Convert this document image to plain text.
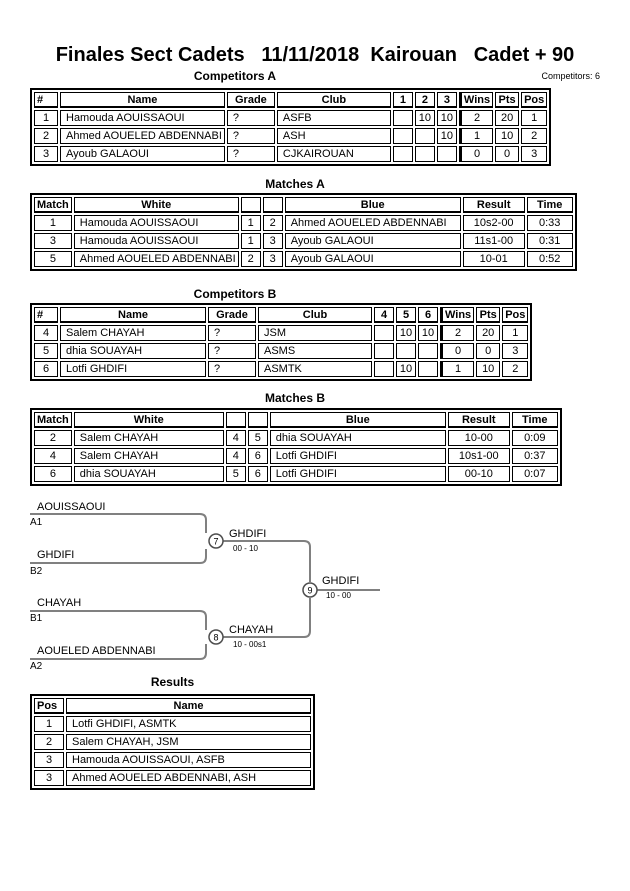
Finales Sect Cadets   11/11/2018  Kairouan   Cadet + 90
Competitors A	Competitors: 6
#	Name	Grade	Club	1	2	3	Wins	Pts	Pos
1	Hamouda AOUISSAOUI	?	ASFB		10	10	2	20	1
2	Ahmed AOUELED ABDENNABI	?	ASH			10	1	10	2
3	Ayoub GALAOUI	?	CJKAIROUAN				0	0	3
Matches A
Match	White			Blue	Result	Time
1	Hamouda AOUISSAOUI	1	2	Ahmed AOUELED ABDENNABI	10s2-00	0:33
3	Hamouda AOUISSAOUI	1	3	Ayoub GALAOUI	11s1-00	0:31
5	Ahmed AOUELED ABDENNABI	2	3	Ayoub GALAOUI	10-01	0:52
Competitors B
#	Name	Grade	Club	4	5	6	Wins	Pts	Pos
4	Salem CHAYAH	?	JSM		10	10	2	20	1
5	dhia SOUAYAH	?	ASMS				0	0	3
6	Lotfi GHDIFI	?	ASMTK		10		1	10	2
Matches B
Match	White			Blue	Result	Time
2	Salem CHAYAH	4	5	dhia SOUAYAH	10-00	0:09
4	Salem CHAYAH	4	6	Lotfi GHDIFI	10s1-00	0:37
6	dhia SOUAYAH	5	6	Lotfi GHDIFI	00-10	0:07
7
8
9
AOUISSAOUI
A1
GHDIFI
B2
CHAYAH
B1
AOUELED ABDENNABI
A2
GHDIFI
00 - 10
CHAYAH
10 - 00s1
GHDIFI
10 - 00
Results
Pos	Name
1	Lotfi GHDIFI, ASMTK
2	Salem CHAYAH, JSM
3	Hamouda AOUISSAOUI, ASFB
3	Ahmed AOUELED ABDENNABI, ASH
